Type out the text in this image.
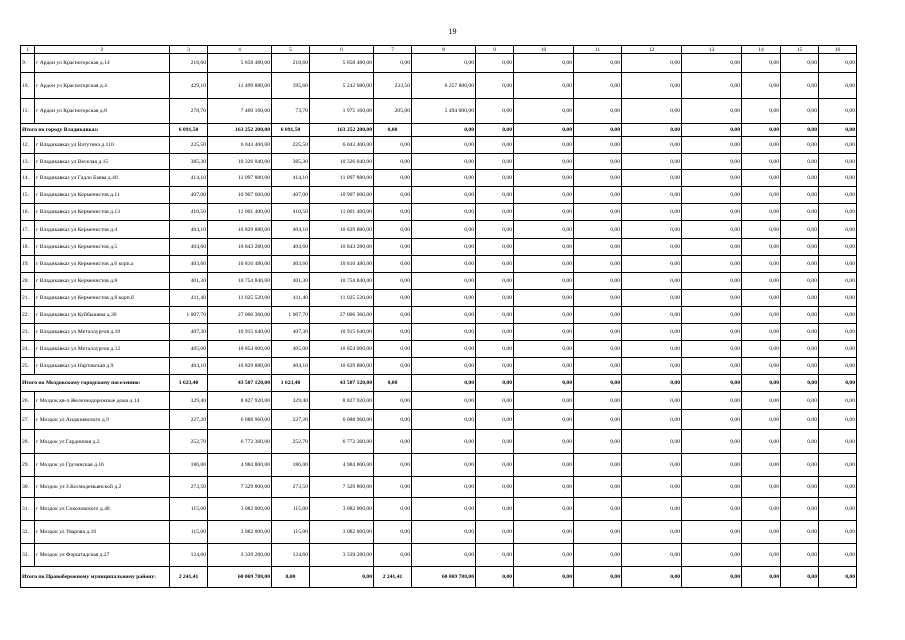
19
1	2	3	4	5	6	7	8	9	10	11	12	13	14	15	16
9.	г Ардон ул Красногорская д.14	218,60	5 858 480,00	218,60	5 858 480,00	0,00	0,00	0,00	0,00	0,00	0,00	0,00	0,00	0,00	0,00
10.	г Ардон ул Красногорская д.4	429,10	11 499 880,00	195,60	5 242 080,00	233,50	6 257 800,00	0,00	0,00	0,00	0,00	0,00	0,00	0,00	0,00
11.	г Ардон ул Красногорская д.8	278,70	7 469 160,00	73,70	1 975 160,00	205,00	5 494 000,00	0,00	0,00	0,00	0,00	0,00	0,00	0,00	0,00
Итого по городу Владикавказ:		6 091,50	163 252 200,00	6 091,50	163 252 200,00	0,00	0,00	0,00	0,00	0,00	0,00	0,00	0,00	0,00	0,00
12.	г Владикавказ ул Ватутина д.110	225,50	6 043 400,00	225,50	6 043 400,00	0,00	0,00	0,00	0,00	0,00	0,00	0,00	0,00	0,00	0,00
13.	г Владикавказ ул Веселая д.15	385,30	10 326 040,00	385,30	10 326 040,00	0,00	0,00	0,00	0,00	0,00	0,00	0,00	0,00	0,00	0,00
14.	г Владикавказ ул Гадло Баева д.40	414,10	11 097 880,00	414,10	11 097 880,00	0,00	0,00	0,00	0,00	0,00	0,00	0,00	0,00	0,00	0,00
15.	г Владикавказ ул Керменистов д.11	407,00	10 907 600,00	407,00	10 907 600,00	0,00	0,00	0,00	0,00	0,00	0,00	0,00	0,00	0,00	0,00
16.	г Владикавказ ул Керменистов д.13	410,50	11 001 400,00	410,50	11 001 400,00	0,00	0,00	0,00	0,00	0,00	0,00	0,00	0,00	0,00	0,00
17.	г Владикавказ ул Керменистов д.4	404,10	10 829 880,00	404,10	10 829 880,00	0,00	0,00	0,00	0,00	0,00	0,00	0,00	0,00	0,00	0,00
18.	г Владикавказ ул Керменистов д.5	404,60	10 843 280,00	404,60	10 843 280,00	0,00	0,00	0,00	0,00	0,00	0,00	0,00	0,00	0,00	0,00
19.	г Владикавказ ул Керменистов д.6 корп.а	403,60	10 816 480,00	403,60	10 816 480,00	0,00	0,00	0,00	0,00	0,00	0,00	0,00	0,00	0,00	0,00
20.	г Владикавказ ул Керменистов д.8	401,30	10 754 840,00	401,30	10 754 840,00	0,00	0,00	0,00	0,00	0,00	0,00	0,00	0,00	0,00	0,00
21.	г Владикавказ ул Керменистов д.8 корп.б	411,40	11 025 520,00	411,40	11 025 520,00	0,00	0,00	0,00	0,00	0,00	0,00	0,00	0,00	0,00	0,00
22.	г Владикавказ ул Куйбышева д.30	1 007,70	27 006 360,00	1 007,70	27 006 360,00	0,00	0,00	0,00	0,00	0,00	0,00	0,00	0,00	0,00	0,00
23.	г Владикавказ ул Металлургов д.10	407,30	10 915 640,00	407,30	10 915 640,00	0,00	0,00	0,00	0,00	0,00	0,00	0,00	0,00	0,00	0,00
24.	г Владикавказ ул Металлургов д.12	405,00	10 854 000,00	405,00	10 854 000,00	0,00	0,00	0,00	0,00	0,00	0,00	0,00	0,00	0,00	0,00
25.	г Владикавказ ул Нартовская д.9	404,10	10 829 880,00	404,10	10 829 880,00	0,00	0,00	0,00	0,00	0,00	0,00	0,00	0,00	0,00	0,00
Итого по Моздокскому городскому поселению:		1 623,40	43 507 120,00	1 623,40	43 507 120,00	0,00	0,00	0,00	0,00	0,00	0,00	0,00	0,00	0,00	0,00
26.	г Моздок кв-л Железнодорожные дома д.14	329,40	8 827 920,00	329,40	8 827 920,00	0,00	0,00	0,00	0,00	0,00	0,00	0,00	0,00	0,00	0,00
27.	г Моздок ул Анджиевского д.9	227,20	6 088 960,00	227,20	6 088 960,00	0,00	0,00	0,00	0,00	0,00	0,00	0,00	0,00	0,00	0,00
28.	г Моздок ул Гардинная д.2	252,70	6 772 360,00	252,70	6 772 360,00	0,00	0,00	0,00	0,00	0,00	0,00	0,00	0,00	0,00	0,00
29.	г Моздок ул Грузинская д.16	186,00	4 984 800,00	186,00	4 984 800,00	0,00	0,00	0,00	0,00	0,00	0,00	0,00	0,00	0,00	0,00
30.	г Моздок ул З.Космодемьянской д.2	273,50	7 329 800,00	273,50	7 329 800,00	0,00	0,00	0,00	0,00	0,00	0,00	0,00	0,00	0,00	0,00
31.	г Моздок ул Соколовского д.48	115,00	3 082 000,00	115,00	3 082 000,00	0,00	0,00	0,00	0,00	0,00	0,00	0,00	0,00	0,00	0,00
32.	г Моздок ул Уварова д.16	115,00	3 082 000,00	115,00	3 082 000,00	0,00	0,00	0,00	0,00	0,00	0,00	0,00	0,00	0,00	0,00
33.	г Моздок ул Форштадская д.27	124,60	3 339 280,00	124,60	3 339 280,00	0,00	0,00	0,00	0,00	0,00	0,00	0,00	0,00	0,00	0,00
Итого по Правобережному муниципальному району:		2 241,41	60 069 788,00	0,00	0,00	2 241,41	60 069 788,00	0,00	0,00	0,00	0,00	0,00	0,00	0,00	0,00
